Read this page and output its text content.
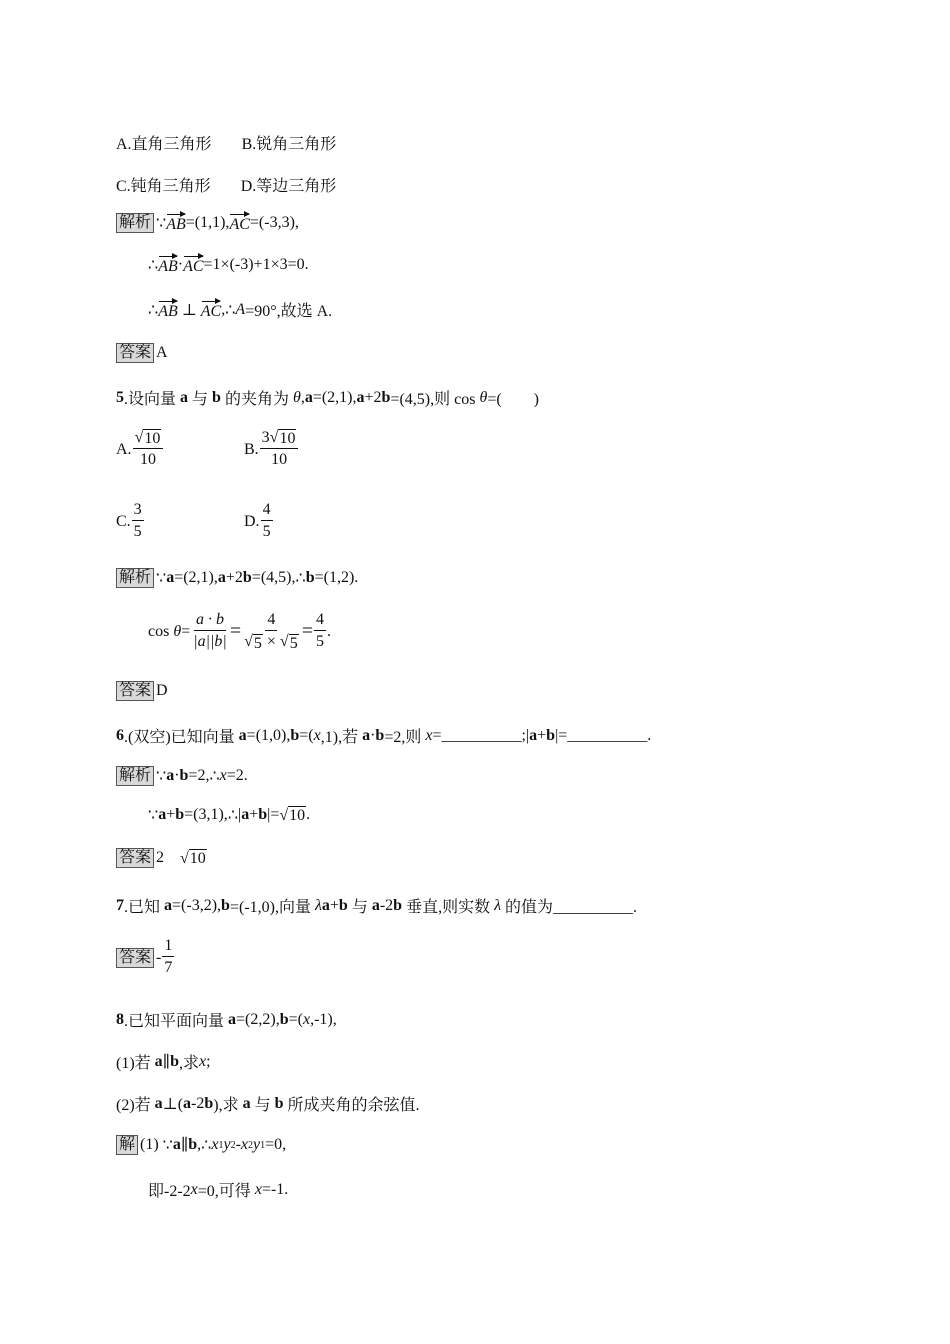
A.直角三角形 B.锐角三角形
C.钝角三角形 D.等边三角形
解析 ∵ AB =(1,1), AC =(-3,3),
∴ AB · AC =1×(-3)+1×3=0.
∴ AB ⊥ AC , ∴ A =90°,故选 A.
答案 A
5 .设向量 a 与 b 的夹角为 θ , a =(2,1), a +2 b =(4,5),则 cos θ =(　　)
A. $\frac{√ 10}{10}$	B. $\frac{3 √ 10}{10}$
C. $\frac{3}{5}$	D. $\frac{4}{5}$
解析 ∵ a =(2,1), a +2 b =(4,5), ∴ b =(1,2).
$\cos \theta = \frac{a \cdot b}{|a||b|} = \frac{4}{√ 5 \times √ 5} = \frac{4}{5}$ .
答案 D
6 .(双空)已知向量 a =(1,0), b =( x ,1),若 a · b =2,则 x =__________;| a + b |=__________.
解析 ∵ a · b =2, ∴ x =2.
∵ a + b =(3,1), ∴ | a + b |= √ 10 .
答案 2 √ 10
7 .已知 a =(-3,2), b =(-1,0),向量 λ a + b 与 a -2 b 垂直,则实数 λ 的值为__________.
答案 - $\frac{1}{7}$
8 .已知平面向量 a =(2,2), b =( x ,-1),
(1)若 a ∥ b ,求 x ;
(2)若 a ⊥( a -2 b ),求 a 与 b 所成夹角的余弦值.
解 (1) ∵ a ∥ b , ∴ x 1 y 2 - x 2 y 1 =0,
即-2-2 x =0,可得 x =-1.
